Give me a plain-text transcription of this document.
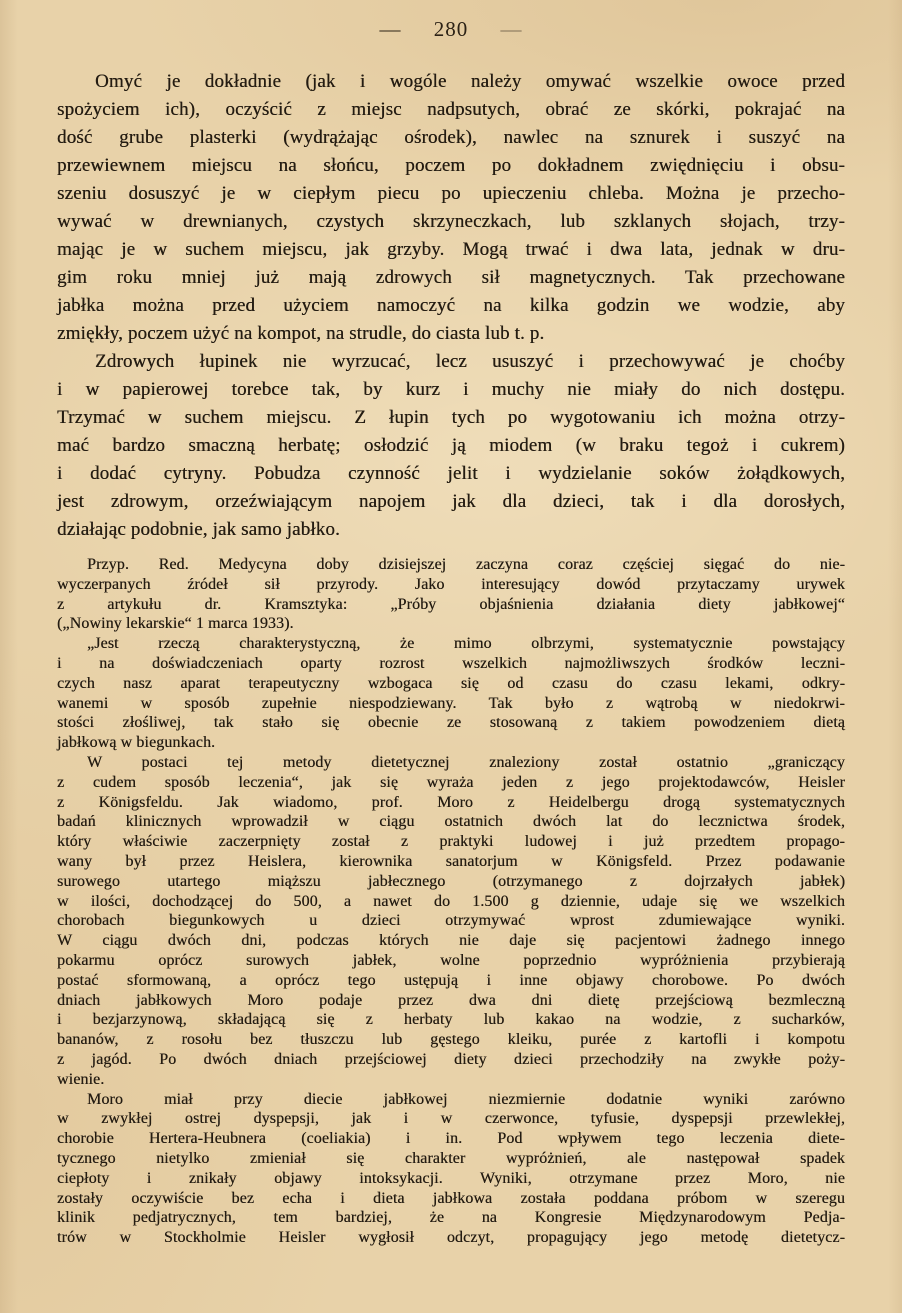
— 280 —

Omyć je dokładnie (jak i wogóle należy omywać wszelkie owoce przed
spożyciem ich), oczyścić z miejsc nadpsutych, obrać ze skórki, pokrajać na
dość grube plasterki (wydrążając ośrodek), nawlec na sznurek i suszyć na
przewiewnem miejscu na słońcu, poczem po dokładnem zwiędnięciu i obsu-
szeniu dosuszyć je w ciepłym piecu po upieczeniu chleba. Można je przecho-
wywać w drewnianych, czystych skrzyneczkach, lub szklanych słojach, trzy-
mając je w suchem miejscu, jak grzyby. Mogą trwać i dwa lata, jednak w dru-
gim roku mniej już mają zdrowych sił magnetycznych. Tak przechowane
jabłka można przed użyciem namoczyć na kilka godzin we wodzie, aby
zmiękły, poczem użyć na kompot, na strudle, do ciasta lub t. p.

Zdrowych łupinek nie wyrzucać, lecz ususzyć i przechowywać je choćby
i w papierowej torebce tak, by kurz i muchy nie miały do nich dostępu.
Trzymać w suchem miejscu. Z łupin tych po wygotowaniu ich można otrzy-
mać bardzo smaczną herbatę; osłodzić ją miodem (w braku tegoż i cukrem)
i dodać cytryny. Pobudza czynność jelit i wydzielanie soków żołądkowych,
jest zdrowym, orzeźwiającym napojem jak dla dzieci, tak i dla dorosłych,
działając podobnie, jak samo jabłko.

Przyp. Red. Medycyna doby dzisiejszej zaczyna coraz częściej sięgać do nie-
wyczerpanych źródeł sił przyrody. Jako interesujący dowód przytaczamy urywek
z artykułu dr. Kramsztyka: „Próby objaśnienia działania diety jabłkowej“
(„Nowiny lekarskie“ 1 marca 1933).

„Jest rzeczą charakterystyczną, że mimo olbrzymi, systematycznie powstający
i na doświadczeniach oparty rozrost wszelkich najmożliwszych środków leczni-
czych nasz aparat terapeutyczny wzbogaca się od czasu do czasu lekami, odkry-
wanemi w sposób zupełnie niespodziewany. Tak było z wątrobą w niedokrwi-
stości złośliwej, tak stało się obecnie ze stosowaną z takiem powodzeniem dietą
jabłkową w biegunkach.

W postaci tej metody dietetycznej znaleziony został ostatnio „graniczący
z cudem sposób leczenia“, jak się wyraża jeden z jego projektodawców, Heisler
z Königsfeldu. Jak wiadomo, prof. Moro z Heidelbergu drogą systematycznych
badań klinicznych wprowadził w ciągu ostatnich dwóch lat do lecznictwa środek,
który właściwie zaczerpnięty został z praktyki ludowej i już przedtem propago-
wany był przez Heislera, kierownika sanatorjum w Königsfeld. Przez podawanie
surowego utartego miąższu jabłecznego (otrzymanego z dojrzałych jabłek)
w ilości, dochodzącej do 500, a nawet do 1.500 g dziennie, udaje się we wszelkich
chorobach biegunkowych u dzieci otrzymywać wprost zdumiewające wyniki.
W ciągu dwóch dni, podczas których nie daje się pacjentowi żadnego innego
pokarmu oprócz surowych jabłek, wolne poprzednio wypróżnienia przybierają
postać sformowaną, a oprócz tego ustępują i inne objawy chorobowe. Po dwóch
dniach jabłkowych Moro podaje przez dwa dni dietę przejściową bezmleczną
i bezjarzynową, składającą się z herbaty lub kakao na wodzie, z sucharków,
bananów, z rosołu bez tłuszczu lub gęstego kleiku, purée z kartofli i kompotu
z jagód. Po dwóch dniach przejściowej diety dzieci przechodziły na zwykłe poży-
wienie.

Moro miał przy diecie jabłkowej niezmiernie dodatnie wyniki zarówno
w zwykłej ostrej dyspepsji, jak i w czerwonce, tyfusie, dyspepsji przewlekłej,
chorobie Hertera-Heubnera (coeliakia) i in. Pod wpływem tego leczenia diete-
tycznego nietylko zmieniał się charakter wypróżnień, ale następował spadek
ciepłoty i znikały objawy intoksykacji. Wyniki, otrzymane przez Moro, nie
zostały oczywiście bez echa i dieta jabłkowa została poddana próbom w szeregu
klinik pedjatrycznych, tem bardziej, że na Kongresie Międzynarodowym Pedja-
trów w Stockholmie Heisler wygłosił odczyt, propagujący jego metodę dietetycz-
